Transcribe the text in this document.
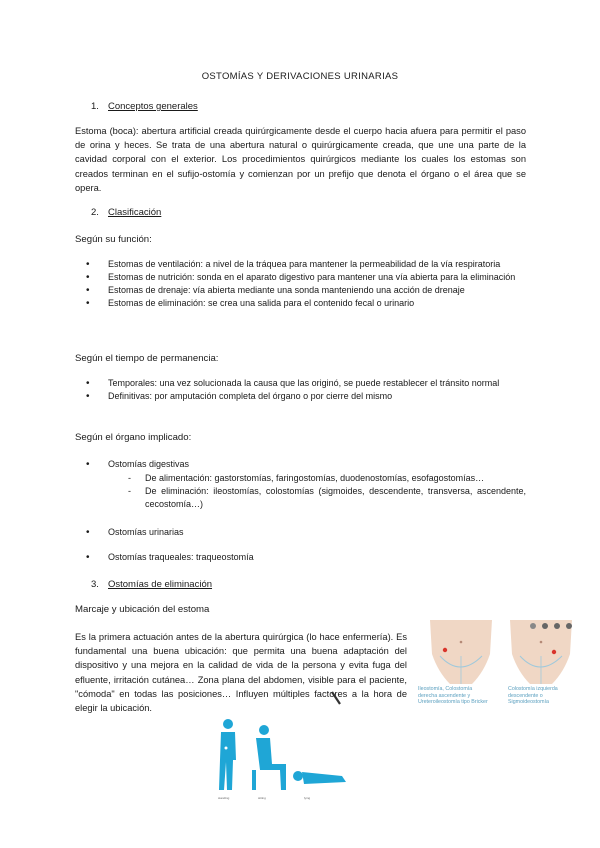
OSTOMÍAS Y DERIVACIONES URINARIAS
1. Conceptos generales
Estoma (boca): abertura artificial creada quirúrgicamente desde el cuerpo hacia afuera para permitir el paso de orina y heces. Se trata de una abertura natural o quirúrgicamente creada, que une una parte de la cavidad corporal con el exterior. Los procedimientos quirúrgicos mediante los cuales los estomas son creados terminan en el sufijo-ostomía y comienzan por un prefijo que denota el órgano o el área que se opera.
2. Clasificación
Según su función:
• Estomas de ventilación: a nivel de la tráquea para mantener la permeabilidad de la vía respiratoria
• Estomas de nutrición: sonda en el aparato digestivo para mantener una vía abierta para la eliminación
• Estomas de drenaje: vía abierta mediante una sonda manteniendo una acción de drenaje
• Estomas de eliminación: se crea una salida para el contenido fecal o urinario
Según el tiempo de permanencia:
• Temporales: una vez solucionada la causa que las originó, se puede restablecer el tránsito normal
• Definitivas: por amputación completa del órgano o por cierre del mismo
Según el órgano implicado:
• Ostomías digestivas
- De alimentación: gastorstomías, faringostomías, duodenostomías, esofagostomías…
- De eliminación: ileostomías, colostomías (sigmoides, descendente, transversa, ascendente, cecostomía…)
• Ostomías urinarias
• Ostomías traqueales: traqueostomía
3. Ostomías de eliminación
Marcaje y ubicación del estoma
Es la primera actuación antes de la abertura quirúrgica (lo hace enfermería). Es fundamental una buena ubicación: que permita una buena adaptación del dispositivo y una mejora en la calidad de vida de la persona y evita fuga del efluente, irritación cutánea… Zona plana del abdomen, visible para el paciente, "cómoda" en todas las posiciones… Influyen múltiples factores a la hora de elegir la ubicación.
Ileostomía, Colostomía derecha ascendente y Ureteroileostomía tipo Bricker
Colostomía izquierda descendente o Sigmoideostomía
standing	sitting	lying
